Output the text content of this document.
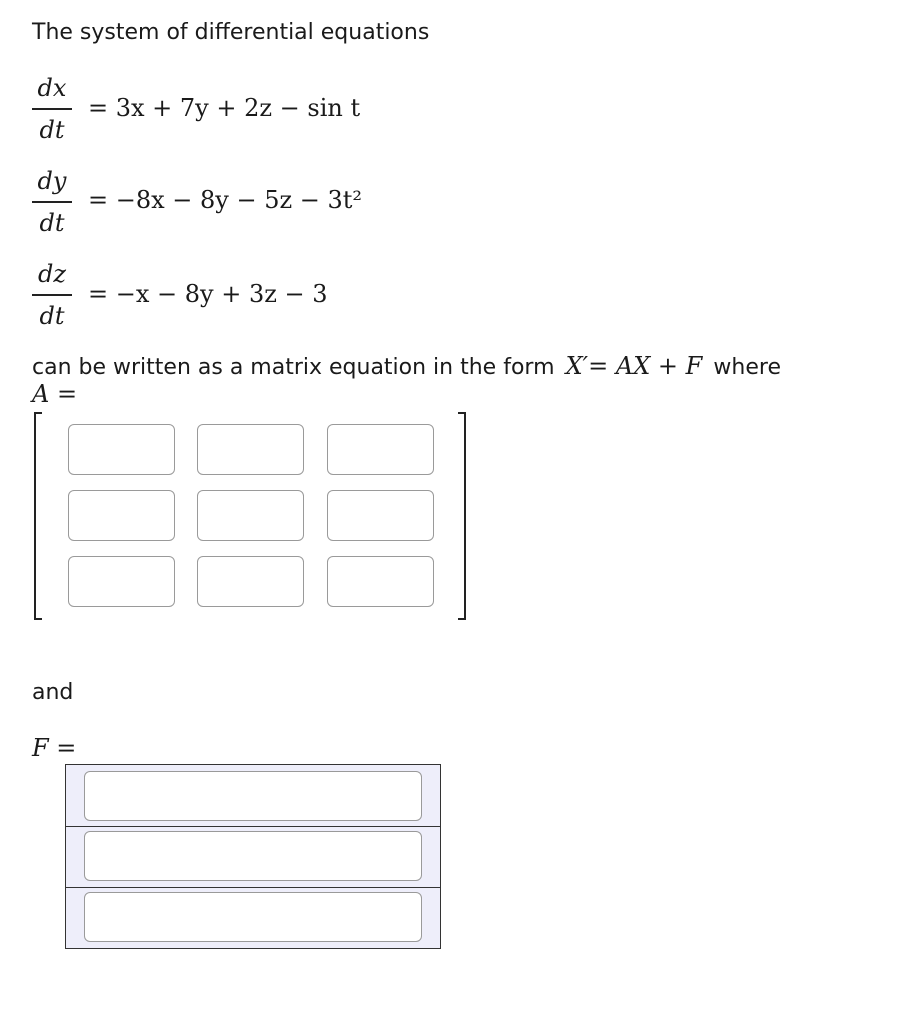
The system of differential equations
dx
dt
= 3x + 7y + 2z − sin t
dy
dt
= −8x − 8y − 5z − 3t²
dz
dt
= −x − 8y + 3z − 3
can be written as a matrix equation in the form X′= AX + F where
A =
and
F =
